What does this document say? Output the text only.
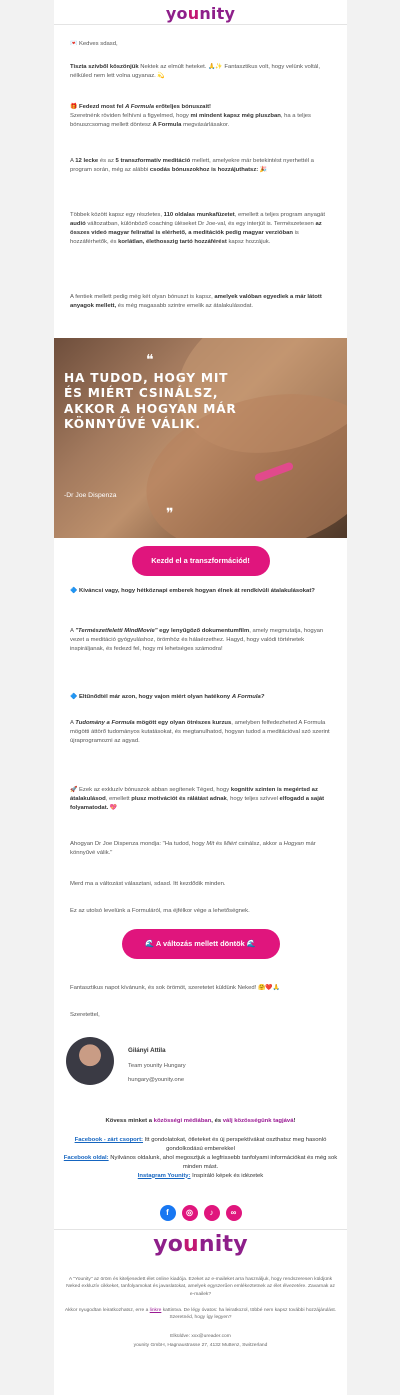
younity
💌 Kedves sdasd,
Tiszta szívből köszönjük Nektek az elmúlt heteket. 🙏✨ Fantasztikus volt, hogy velünk voltál, nélküled nem lett volna ugyanaz. 💫
🎁 Fedezd most fel A Formula erőteljes bónuszait!
Szeretnénk röviden felhívni a figyelmed, hogy mi mindent kapsz még pluszban, ha a teljes bónuszcsomag mellett döntesz A Formula megvásárlásakor.
A 12 lecke és az 5 transzformatív meditáció mellett, amelyekre már betekintést nyerhettél a program során, még az alábbi csodás bónuszokhoz is hozzájuthatsz: 🎉
Többek között kapsz egy részletes, 110 oldalas munkafüzetet, emellett a teljes program anyagát audió változatban, különböző coaching üléseket Dr Joe-val, és egy interjút is. Természetesen az összes videó magyar felirattal is elérhető, a meditációk pedig magyar verzióban is hozzáférhetők, és korlátlan, élethosszig tartó hozzáférést kapsz hozzájuk.
A fentiek mellett pedig még két olyan bónuszt is kapsz, amelyek valóban egyediek a már látott anyagok mellett, és még magasabb szintre emelik az átalakulásodat.
❝
HA TUDOD, HOGY MIT ÉS MIÉRT CSINÁLSZ, AKKOR A HOGYAN MÁR KÖNNYŰVÉ VÁLIK.
-Dr Joe Dispenza
❞
Kezdd el a transzformációd!
🔷 Kíváncsi vagy, hogy hétköznapi emberek hogyan élnek át rendkívüli átalakulásokat?
A "Természetfeletti MindMovie" egy lenyűgöző dokumentumfilm, amely megmutatja, hogyan vezet a meditáció gyógyuláshoz, örömhöz és hálaérzethez. Hagyd, hogy valódi történetek inspiráljanak, és fedezd fel, hogy mi lehetséges számodra!
🔷 Eltűnődtél már azon, hogy vajon miért olyan hatékony A Formula?
A Tudomány a Formula mögött egy olyan ötrészes kurzus, amelyben felfedezheted A Formula mögötti áttörő tudományos kutatásokat, és megtanulhatod, hogyan tudod a meditációval szó szerint újraprogramozni az agyad.
🚀 Ezek az exkluzív bónuszok abban segítenek Téged, hogy kognitív szinten is megértsd az átalakulásod, emellett plusz motivációt és rálátást adnak, hogy teljes szívvel elfogadd a saját folyamatodat. 💖
Ahogyan Dr Joe Dispenza mondja: "Ha tudod, hogy Mit és Miért csinálsz, akkor a Hogyan már könnyűvé válik."
Merd ma a változást választani, sdasd. Itt kezdődik minden.
Ez az utolsó levelünk a Formuláról, ma éjfélkor vége a lehetőségnek.
🌊 A változás mellett döntök 🌊
Fantasztikus napot kívánunk, és sok örömöt, szeretetet küldünk Neked! 🤗❤️🙏
Szeretettel,
Gilányi Attila
Team younity Hungary
hungary@younity.one
Kövess minket a közösségi médiában, és válj közösségünk tagjává!
Facebook - zárt csoport: Itt gondolatokat, ötleteket és új perspektívákat oszthatsz meg hasonló gondolkodású emberekkel
Facebook oldal: Nyilvános oldalunk, ahol megosztjuk a legfrissebb tanfolyami információkat és még sok minden mást.
Instagram Younity: Inspiráló képek és idézetek
f ◎ ♪ ∞
younity
A "Younity" az öröm és kiteljesedett élet online kiadója. Ezeket az e-maileket arra használjuk, hogy rendszeresen küldjünk Neked exkluzív cikkeket, tanfolyamokat és javaslatokat, amelyek egyszerűen emlékeztetnek az élet élvezetére. Zavarnak az e-mailek?
Akkor nyugodtan leiratkozhatsz, erre a linkre kattintva. De légy óvatos: ha leiratkozol, többé nem kapsz további hozzájárulást. Szeretnéd, hogy így legyen?
Elküldve: xxx@ureader.com
younity GmbH, Hagnaustrasse 27, 4132 Muttenz, Switzerland
